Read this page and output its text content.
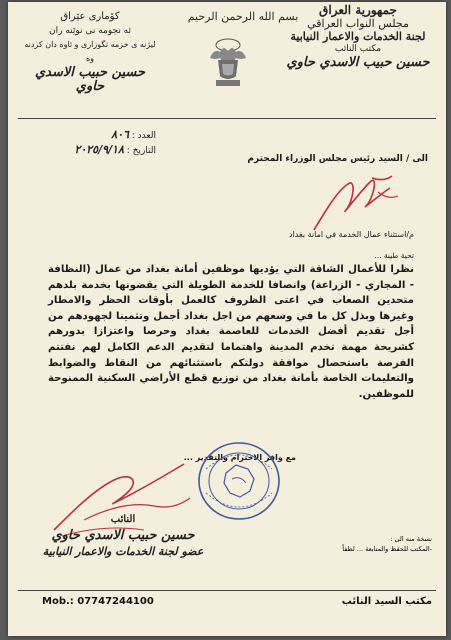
بسم الله الرحمن الرحيم	جمهورية العراق
مجلس النواب العراقي
لجنة الخدمات والاعمار النيابية
مكتب النائب
حسين حبيب الاسدي حاوي
كۆماری عێراق
ئه نجومه نی نوێنه ران
لیژنه ی خزمه تگوزاری و ئاوه دان کردنه وه
حسين حبيب الاسدي حاوي
العدد : ٨٠٦
التاريخ : ٢٠٢٥/٩/١٨
الى / السيد رئيس مجلس الوزراء المحترم
م/استثناء عمال الخدمة في امانة بغداد
تحية طيبة ...
نظرا للأعمال الشاقة التي يؤديها موظفين أمانة بغداد من عمال (النظافة - المجاري - الزراعة) وانصافا للخدمة الطويلة التي يقضونها بخدمة بلدهم متحدين الصعاب في اعتى الظروف كالعمل بأوقات الحظر والامطار وغيرها وبذل كل ما في وسعهم من اجل بغداد أجمل وتثمينا لجهودهم من أجل تقديم أفضل الخدمات للعاصمة بغداد وحرصا واعتزازا بدورهم كشريحة مهمة تخدم المدينة واهتماما لتقديم الدعم الكامل لهم نفتتم الفرصة باستحصال موافقة دولتكم باستثنائهم من النقاط والضوابط والتعليمات الخاصة بأمانة بغداد من توزيع قطع الأراضي السكنية الممنوحة للموظفين.
مع وافر الاحترام والتقدير ...
النائب
حسين حبيب الاسدي حاوي
عضو لجنة الخدمات والاعمار النيابية
نسخة منه الى :
-المكتب للحفظ والمتابعة ... لطفاً
Mob.: 07747244100	مكتب السيد النائب
